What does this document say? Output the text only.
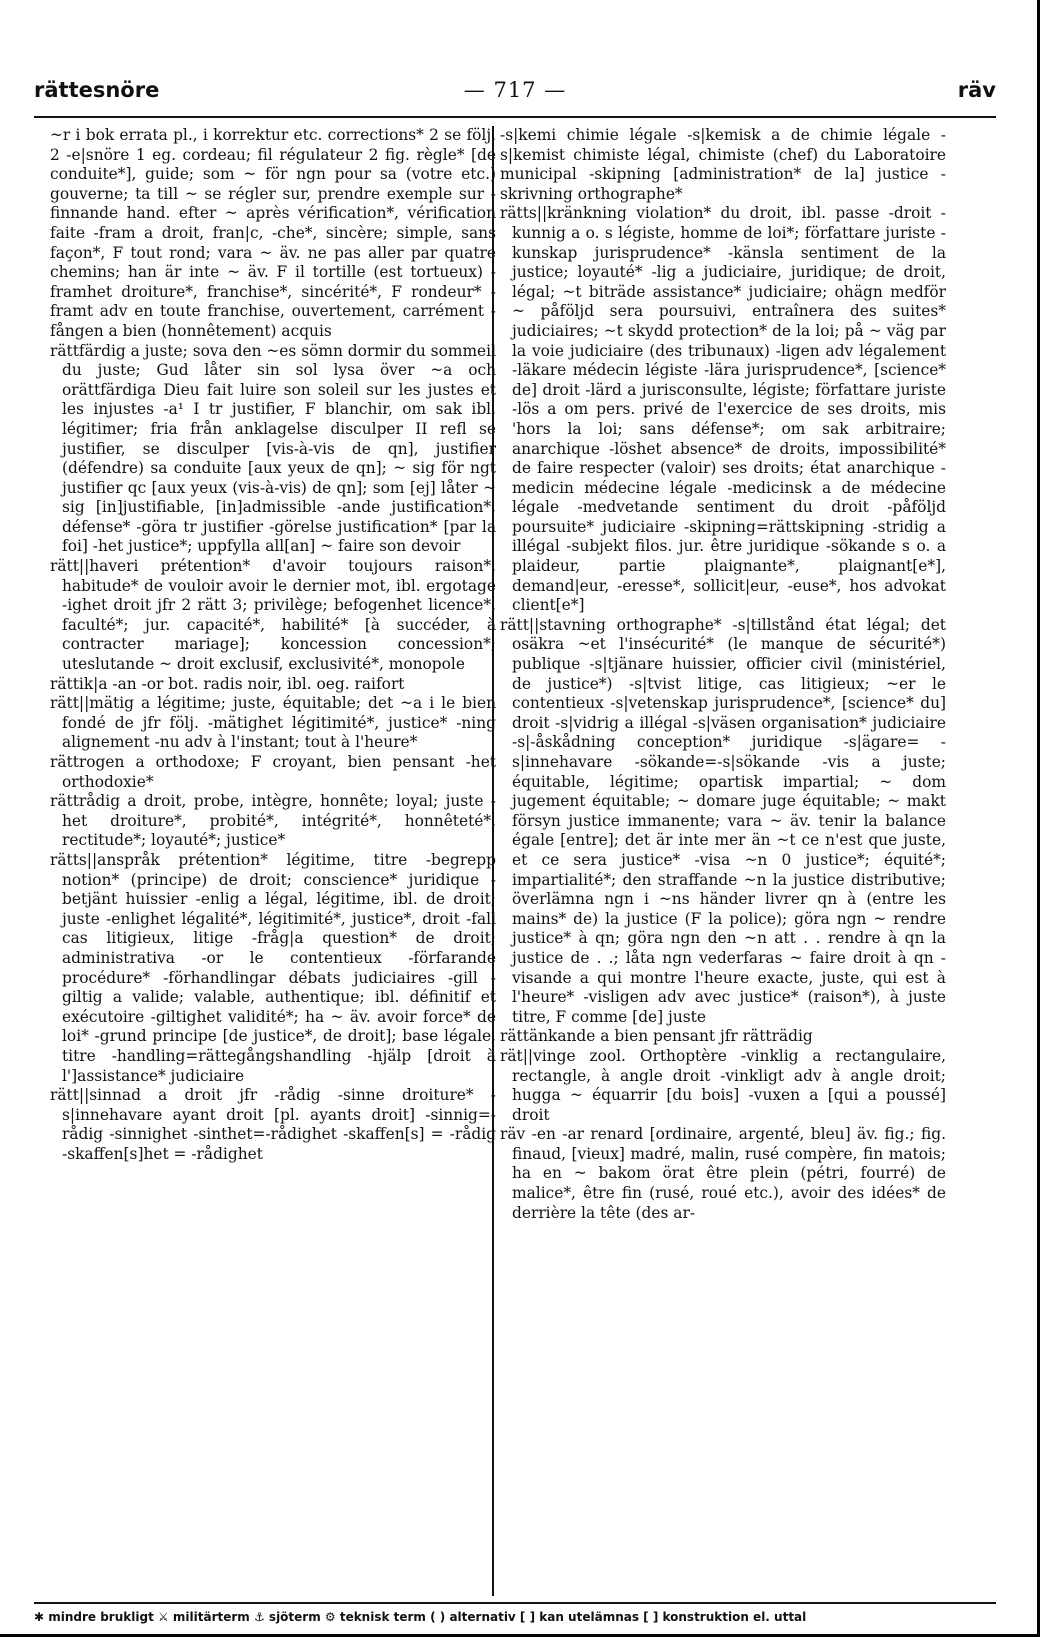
rättesnöre	— 717 —	räv

~r i bok errata pl., i korrektur etc. corrections* 2 se följ. 2 -e|snöre 1 eg. cordeau; fil régulateur 2 fig. règle* [de conduite*], guide; som ~ för ngn pour sa (votre etc.) gouverne; ta till ~ se régler sur, prendre exemple sur -finnande hand. efter ~ après vérification*, vérification faite -fram a droit, fran|c, -che*, sincère; simple, sans façon*, F tout rond; vara ~ äv. ne pas aller par quatre chemins; han är inte ~ äv. F il tortille (est tortueux) -framhet droiture*, franchise*, sincérité*, F rondeur* -framt adv en toute franchise, ouvertement, carrément -fången a bien (honnêtement) acquis

rättfärdig a juste; sova den ~es sömn dormir du sommeil du juste; Gud låter sin sol lysa över ~a och orättfärdiga Dieu fait luire son soleil sur les justes et les injustes -a¹ I tr justifier, F blanchir, om sak ibl. légitimer; fria från anklagelse disculper II refl se justifier, se disculper [vis-à-vis de qn], justifier (défendre) sa conduite [aux yeux de qn]; ~ sig för ngt justifier qc [aux yeux (vis-à-vis) de qn]; som [ej] låter ~ sig [in]justifiable, [in]admissible -ande justification*, défense* -göra tr justifier -görelse justification* [par la foi] -het justice*; uppfylla all[an] ~ faire son devoir

rätt||haveri prétention* d'avoir toujours raison*, habitude* de vouloir avoir le dernier mot, ibl. ergotage -ighet droit jfr 2 rätt 3; privilège; befogenhet licence*, faculté*; jur. capacité*, habilité* [à succéder, à contracter mariage]; koncession concession*; uteslutande ~ droit exclusif, exclusivité*, monopole

rättik|a -an -or bot. radis noir, ibl. oeg. raifort

rätt||mätig a légitime; juste, équitable; det ~a i le bien fondé de jfr följ. -mätighet légitimité*, justice* -ning alignement -nu adv à l'instant; tout à l'heure*

rättrogen a orthodoxe; F croyant, bien pensant -het orthodoxie*

rättrådig a droit, probe, intègre, honnête; loyal; juste -het droiture*, probité*, intégrité*, honnêteté*, rectitude*; loyauté*; justice*

rätts||anspråk prétention* légitime, titre -begrepp notion* (principe) de droit; conscience* juridique -betjänt huissier -enlig a légal, légitime, ibl. de droit; juste -enlighet légalité*, légitimité*, justice*, droit -fall cas litigieux, litige -fråg|a question* de droit; administrativa -or le contentieux -förfarande procédure* -förhandlingar débats judiciaires -gill -giltig a valide; valable, authentique; ibl. définitif et exécutoire -giltighet validité*; ha ~ äv. avoir force* de loi* -grund principe [de justice*, de droit]; base légale, titre -handling=rättegångshandling -hjälp [droit à l']assistance* judiciaire

rätt||sinnad a droit jfr -rådig -sinne droiture* -s|innehavare ayant droit [pl. ayants droit] -sinnig=-rådig -sinnighet -sinthet=-rådighet -skaffen[s] = -rådig -skaffen[s]het = -rådighet

-s|kemi chimie légale -s|kemisk a de chimie légale -s|kemist chimiste légal, chimiste (chef) du Laboratoire municipal -skipning [administration* de la] justice -skrivning orthographe*

rätts||kränkning violation* du droit, ibl. passe -droit -kunnig a o. s légiste, homme de loi*; författare juriste -kunskap jurisprudence* -känsla sentiment de la justice; loyauté* -lig a judiciaire, juridique; de droit, légal; ~t biträde assistance* judiciaire; ohägn medför ~ påföljd sera poursuivi, entraînera des suites* judiciaires; ~t skydd protection* de la loi; på ~ väg par la voie judiciaire (des tribunaux) -ligen adv légalement -läkare médecin légiste -lära jurisprudence*, [science* de] droit -lärd a jurisconsulte, légiste; författare juriste -lös a om pers. privé de l'exercice de ses droits, mis 'hors la loi; sans défense*; om sak arbitraire; anarchique -löshet absence* de droits, impossibilité* de faire respecter (valoir) ses droits; état anarchique -medicin médecine légale -medicinsk a de médecine légale -medvetande sentiment du droit -påföljd poursuite* judiciaire -skipning=rättskipning -stridig a illégal -subjekt filos. jur. être juridique -sökande s o. a plaideur, partie plaignante*, plaignant[e*], demand|eur, -eresse*, sollicit|eur, -euse*, hos advokat client[e*]

rätt||stavning orthographe* -s|tillstånd état légal; det osäkra ~et l'insécurité* (le manque de sécurité*) publique -s|tjänare huissier, officier civil (ministériel, de justice*) -s|tvist litige, cas litigieux; ~er le contentieux -s|vetenskap jurisprudence*, [science* du] droit -s|vidrig a illégal -s|väsen organisation* judiciaire -s|-åskådning conception* juridique -s|ägare= -s|innehavare -sökande=-s|sökande -vis a juste; équitable, légitime; opartisk impartial; ~ dom jugement équitable; ~ domare juge équitable; ~ makt försyn justice immanente; vara ~ äv. tenir la balance égale [entre]; det är inte mer än ~t ce n'est que juste, et ce sera justice* -visa ~n 0 justice*; équité*; impartialité*; den straffande ~n la justice distributive; överlämna ngn i ~ns händer livrer qn à (entre les mains* de) la justice (F la police); göra ngn ~ rendre justice* à qn; göra ngn den ~n att . . rendre à qn la justice de . .; låta ngn vederfaras ~ faire droit à qn -visande a qui montre l'heure exacte, juste, qui est à l'heure* -visligen adv avec justice* (raison*), à juste titre, F comme [de] juste

rättänkande a bien pensant jfr rätträdig

rät||vinge zool. Orthoptère -vinklig a rectangulaire, rectangle, à angle droit -vinkligt adv à angle droit; hugga ~ équarrir [du bois] -vuxen a [qui a poussé] droit

räv -en -ar renard [ordinaire, argenté, bleu] äv. fig.; fig. finaud, [vieux] madré, malin, rusé compère, fin matois; ha en ~ bakom örat être plein (pétri, fourré) de malice*, être fin (rusé, roué etc.), avoir des idées* de derrière la tête (des ar-

✱ mindre brukligt ⚔ militärterm ⚓ sjöterm ⚙ teknisk term ( ) alternativ [ ] kan utelämnas [ ] konstruktion el. uttal
